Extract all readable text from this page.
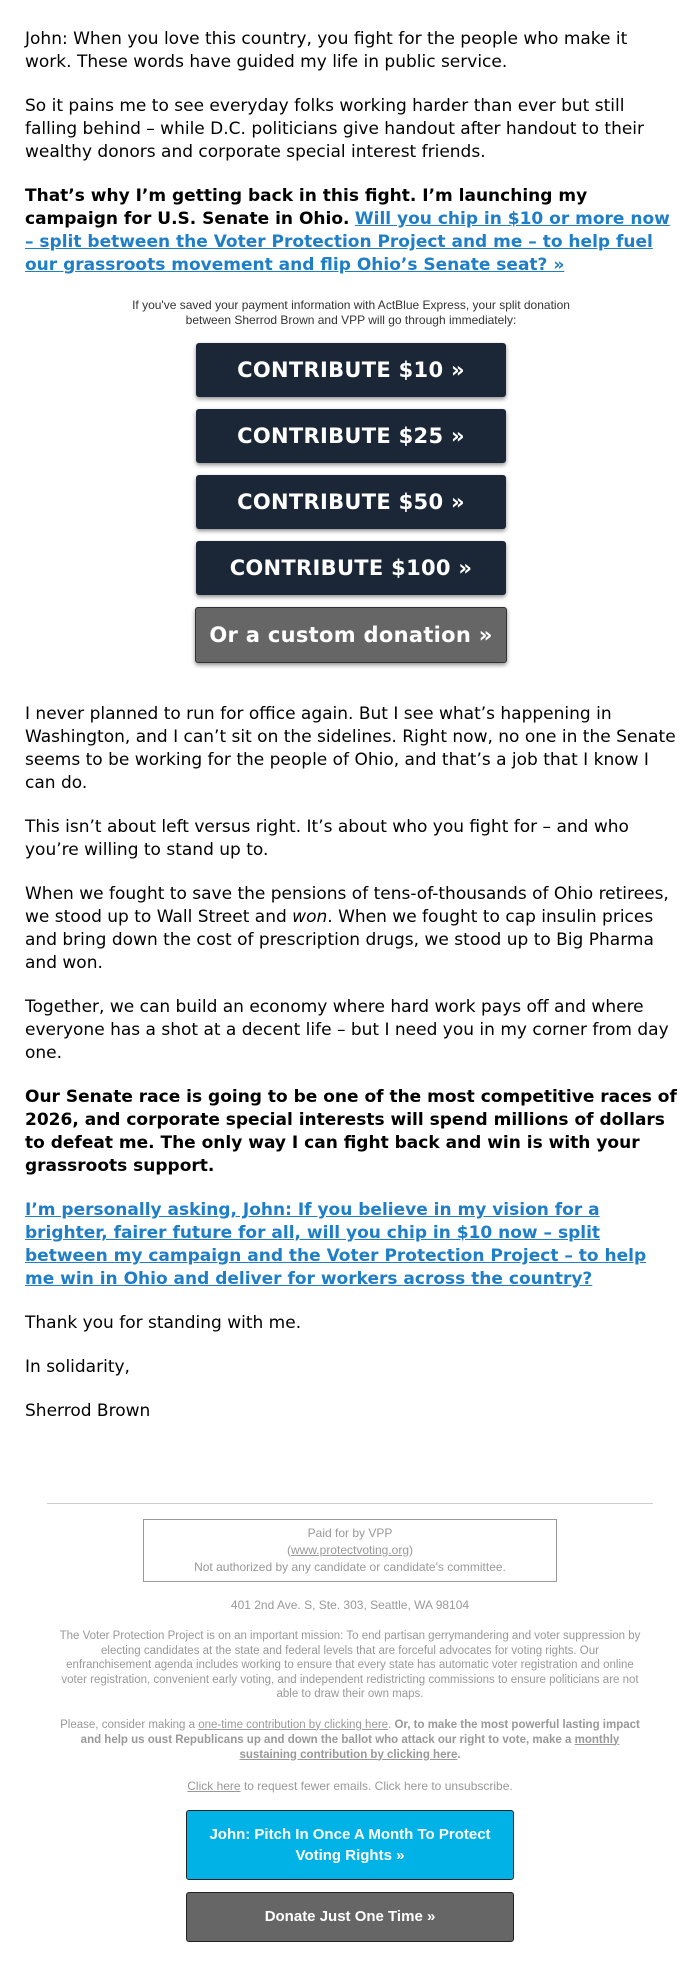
John: When you love this country, you fight for the people who make it work. These words have guided my life in public service.

So it pains me to see everyday folks working harder than ever but still falling behind – while D.C. politicians give handout after handout to their wealthy donors and corporate special interest friends.

That’s why I’m getting back in this fight. I’m launching my campaign for U.S. Senate in Ohio. Will you chip in $10 or more now – split between the Voter Protection Project and me – to help fuel our grassroots movement and flip Ohio’s Senate seat? »

If you've saved your payment information with ActBlue Express, your split donation between Sherrod Brown and VPP will go through immediately:
CONTRIBUTE $10 »
CONTRIBUTE $25 »
CONTRIBUTE $50 »
CONTRIBUTE $100 »
Or a custom donation »

I never planned to run for office again. But I see what’s happening in Washington, and I can’t sit on the sidelines. Right now, no one in the Senate seems to be working for the people of Ohio, and that’s a job that I know I can do.

This isn’t about left versus right. It’s about who you fight for – and who you’re willing to stand up to.

When we fought to save the pensions of tens-of-thousands of Ohio retirees, we stood up to Wall Street and won. When we fought to cap insulin prices and bring down the cost of prescription drugs, we stood up to Big Pharma and won.

Together, we can build an economy where hard work pays off and where everyone has a shot at a decent life – but I need you in my corner from day one.

Our Senate race is going to be one of the most competitive races of 2026, and corporate special interests will spend millions of dollars to defeat me. The only way I can fight back and win is with your grassroots support.

I’m personally asking, John: If you believe in my vision for a brighter, fairer future for all, will you chip in $10 now – split between my campaign and the Voter Protection Project – to help me win in Ohio and deliver for workers across the country?

Thank you for standing with me.

In solidarity,

Sherrod Brown

Paid for by VPP
(www.protectvoting.org)
Not authorized by any candidate or candidate's committee.
401 2nd Ave. S, Ste. 303, Seattle, WA 98104
The Voter Protection Project is on an important mission: To end partisan gerrymandering and voter suppression by electing candidates at the state and federal levels that are forceful advocates for voting rights. Our enfranchisement agenda includes working to ensure that every state has automatic voter registration and online voter registration, convenient early voting, and independent redistricting commissions to ensure politicians are not able to draw their own maps.
Please, consider making a one-time contribution by clicking here. Or, to make the most powerful lasting impact and help us oust Republicans up and down the ballot who attack our right to vote, make a monthly sustaining contribution by clicking here.
Click here to request fewer emails. Click here to unsubscribe.
John: Pitch In Once A Month To Protect Voting Rights »
Donate Just One Time »
